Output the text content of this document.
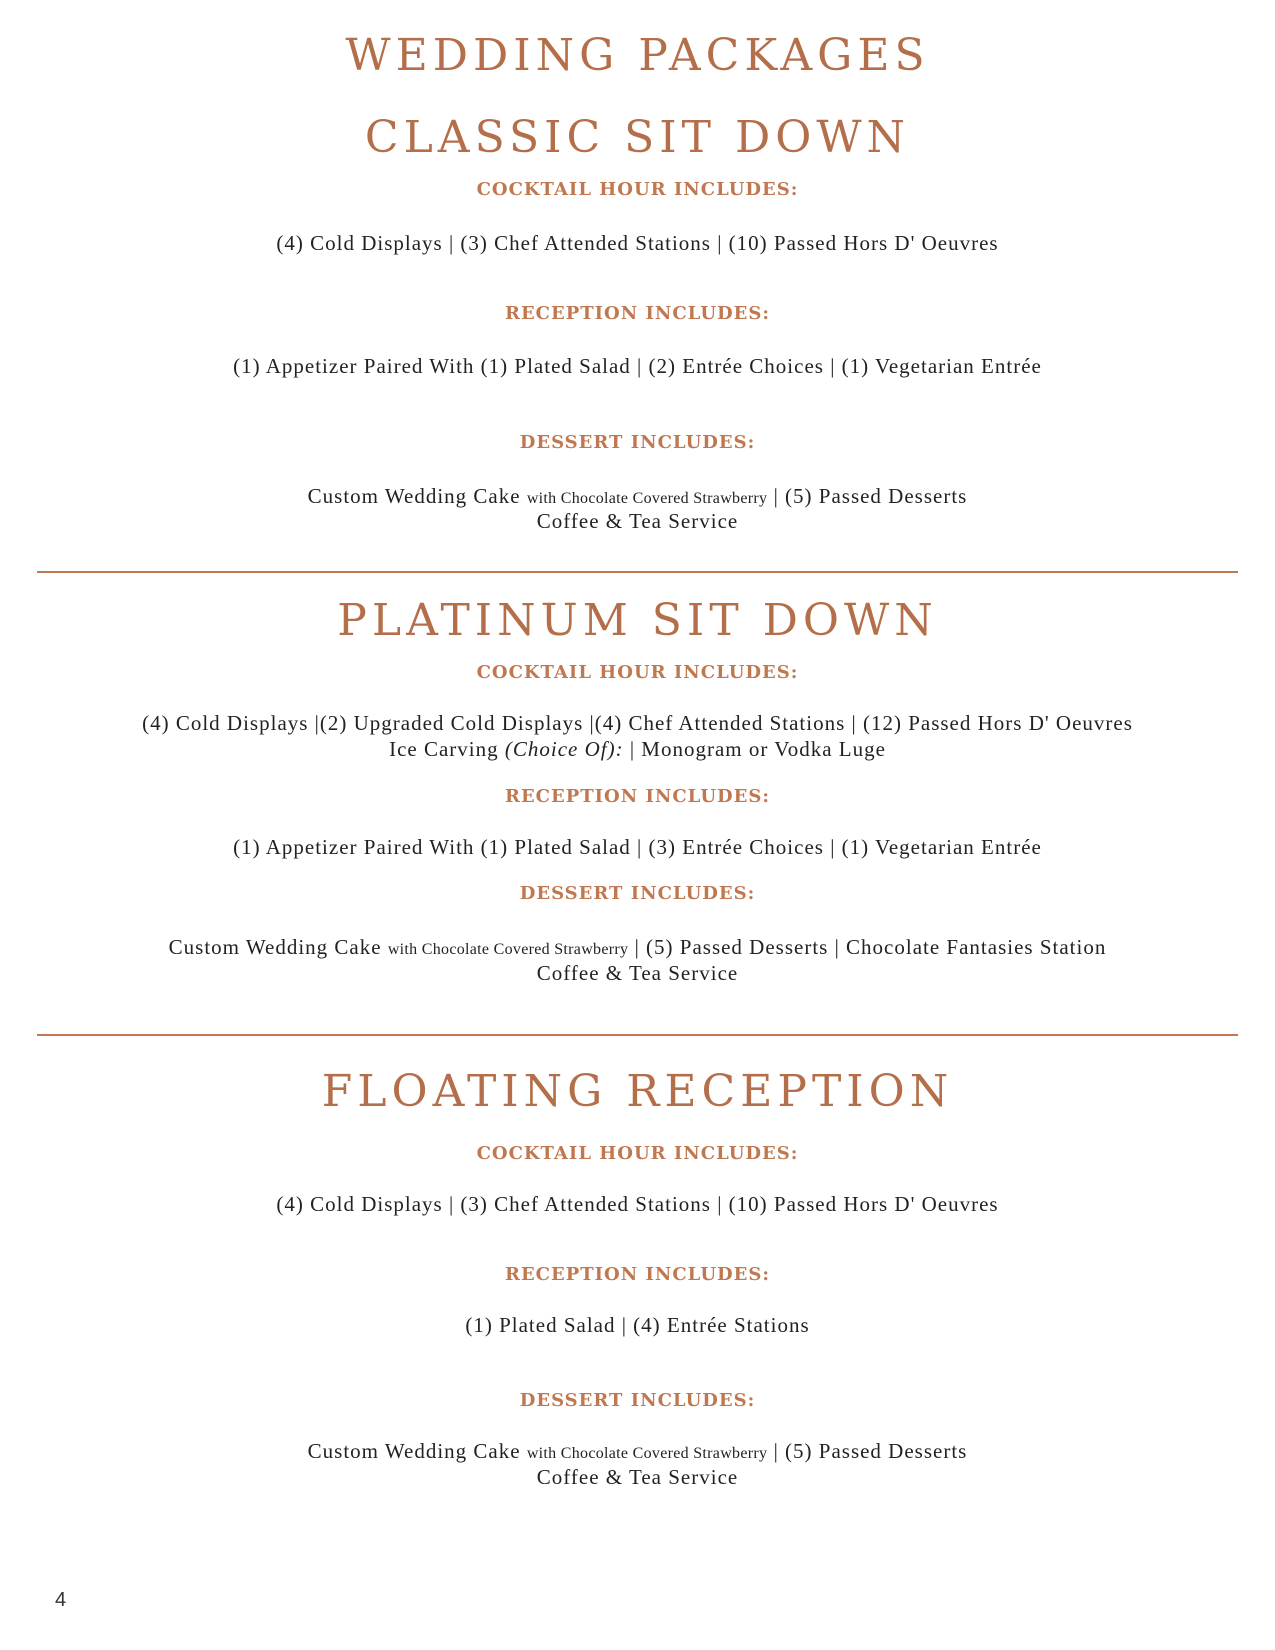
WEDDING PACKAGES
CLASSIC SIT DOWN
COCKTAIL HOUR INCLUDES:
(4) Cold Displays | (3) Chef Attended Stations | (10) Passed Hors D' Oeuvres
RECEPTION INCLUDES:
(1) Appetizer Paired With (1) Plated Salad | (2) Entrée Choices | (1) Vegetarian Entrée
DESSERT INCLUDES:
Custom Wedding Cake with Chocolate Covered Strawberry | (5) Passed Desserts
Coffee & Tea Service
PLATINUM SIT DOWN
COCKTAIL HOUR INCLUDES:
(4) Cold Displays |(2) Upgraded Cold Displays |(4) Chef Attended Stations | (12) Passed Hors D' Oeuvres
Ice Carving (Choice Of): | Monogram or Vodka Luge
RECEPTION INCLUDES:
(1) Appetizer Paired With (1) Plated Salad | (3) Entrée Choices | (1) Vegetarian Entrée
DESSERT INCLUDES:
Custom Wedding Cake with Chocolate Covered Strawberry | (5) Passed Desserts | Chocolate Fantasies Station
Coffee & Tea Service
FLOATING RECEPTION
COCKTAIL HOUR INCLUDES:
(4) Cold Displays | (3) Chef Attended Stations | (10) Passed Hors D' Oeuvres
RECEPTION INCLUDES:
(1) Plated Salad | (4) Entrée Stations
DESSERT INCLUDES:
Custom Wedding Cake with Chocolate Covered Strawberry | (5) Passed Desserts
Coffee & Tea Service
4
